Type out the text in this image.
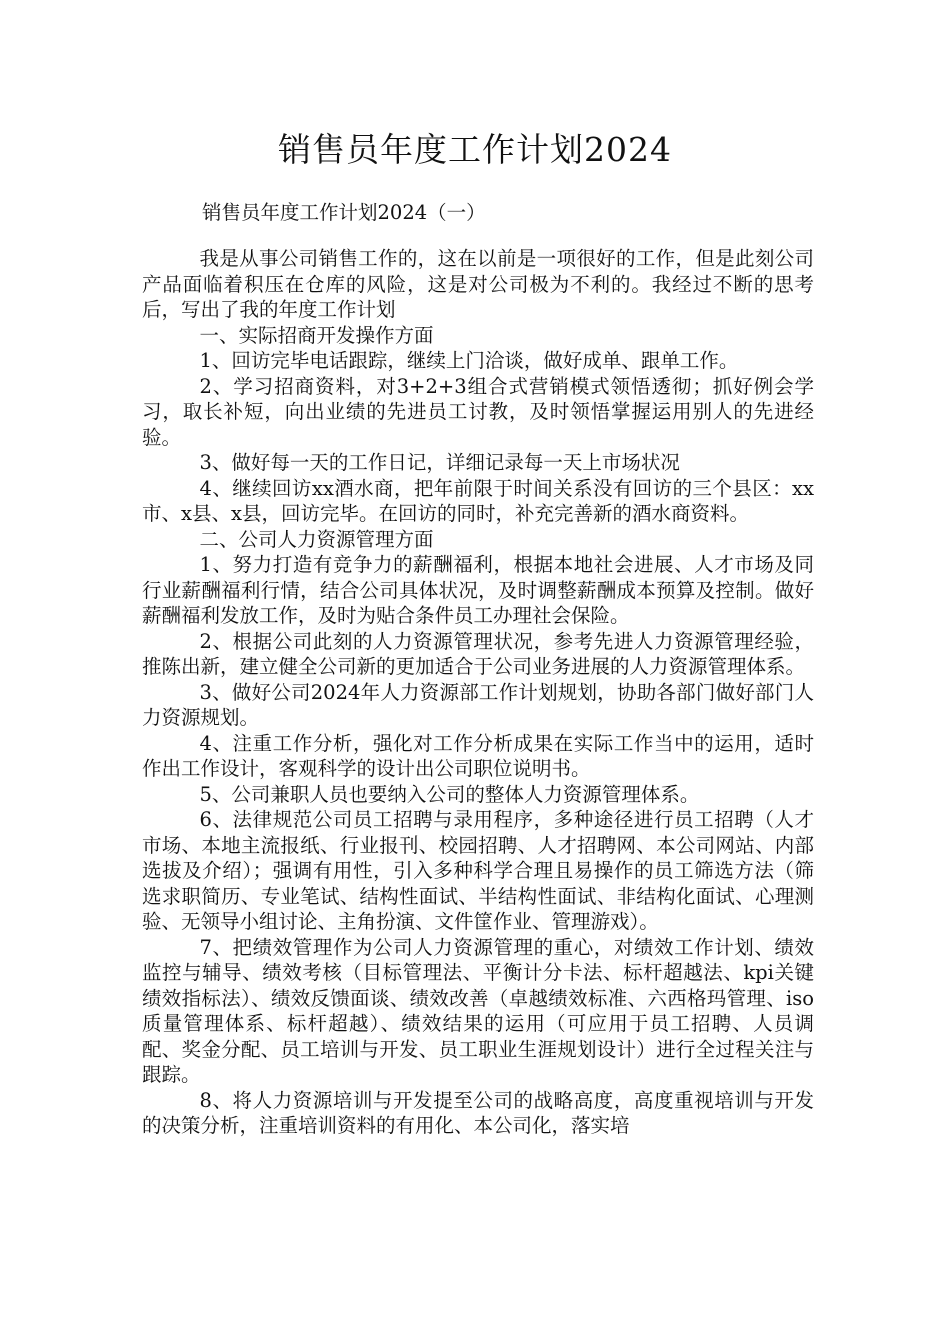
销售员年度工作计划2024

销售员年度工作计划2024（一）

我是从事公司销售工作的，这在以前是一项很好的工作，但是此刻公司产品面临着积压在仓库的风险，这是对公司极为不利的。我经过不断的思考后，写出了我的年度工作计划

一、实际招商开发操作方面

1、回访完毕电话跟踪，继续上门洽谈，做好成单、跟单工作。

2、学习招商资料，对3+2+3组合式营销模式领悟透彻；抓好例会学习，取长补短，向出业绩的先进员工讨教，及时领悟掌握运用别人的先进经验。

3、做好每一天的工作日记，详细记录每一天上市场状况

4、继续回访xx酒水商，把年前限于时间关系没有回访的三个县区：xx市、x县、x县，回访完毕。在回访的同时，补充完善新的酒水商资料。

二、公司人力资源管理方面

1、努力打造有竞争力的薪酬福利，根据本地社会进展、人才市场及同行业薪酬福利行情，结合公司具体状况，及时调整薪酬成本预算及控制。做好薪酬福利发放工作，及时为贴合条件员工办理社会保险。

2、根据公司此刻的人力资源管理状况，参考先进人力资源管理经验，推陈出新，建立健全公司新的更加适合于公司业务进展的人力资源管理体系。

3、做好公司2024年人力资源部工作计划规划，协助各部门做好部门人力资源规划。

4、注重工作分析，强化对工作分析成果在实际工作当中的运用，适时作出工作设计，客观科学的设计出公司职位说明书。

5、公司兼职人员也要纳入公司的整体人力资源管理体系。

6、法律规范公司员工招聘与录用程序，多种途径进行员工招聘（人才市场、本地主流报纸、行业报刊、校园招聘、人才招聘网、本公司网站、内部选拔及介绍）；强调有用性，引入多种科学合理且易操作的员工筛选方法（筛选求职简历、专业笔试、结构性面试、半结构性面试、非结构化面试、心理测验、无领导小组讨论、主角扮演、文件筐作业、管理游戏）。

7、把绩效管理作为公司人力资源管理的重心，对绩效工作计划、绩效监控与辅导、绩效考核（目标管理法、平衡计分卡法、标杆超越法、kpi关键绩效指标法）、绩效反馈面谈、绩效改善（卓越绩效标准、六西格玛管理、iso质量管理体系、标杆超越）、绩效结果的运用（可应用于员工招聘、人员调配、奖金分配、员工培训与开发、员工职业生涯规划设计）进行全过程关注与跟踪。

8、将人力资源培训与开发提至公司的战略高度，高度重视培训与开发的决策分析，注重培训资料的有用化、本公司化，落实培
